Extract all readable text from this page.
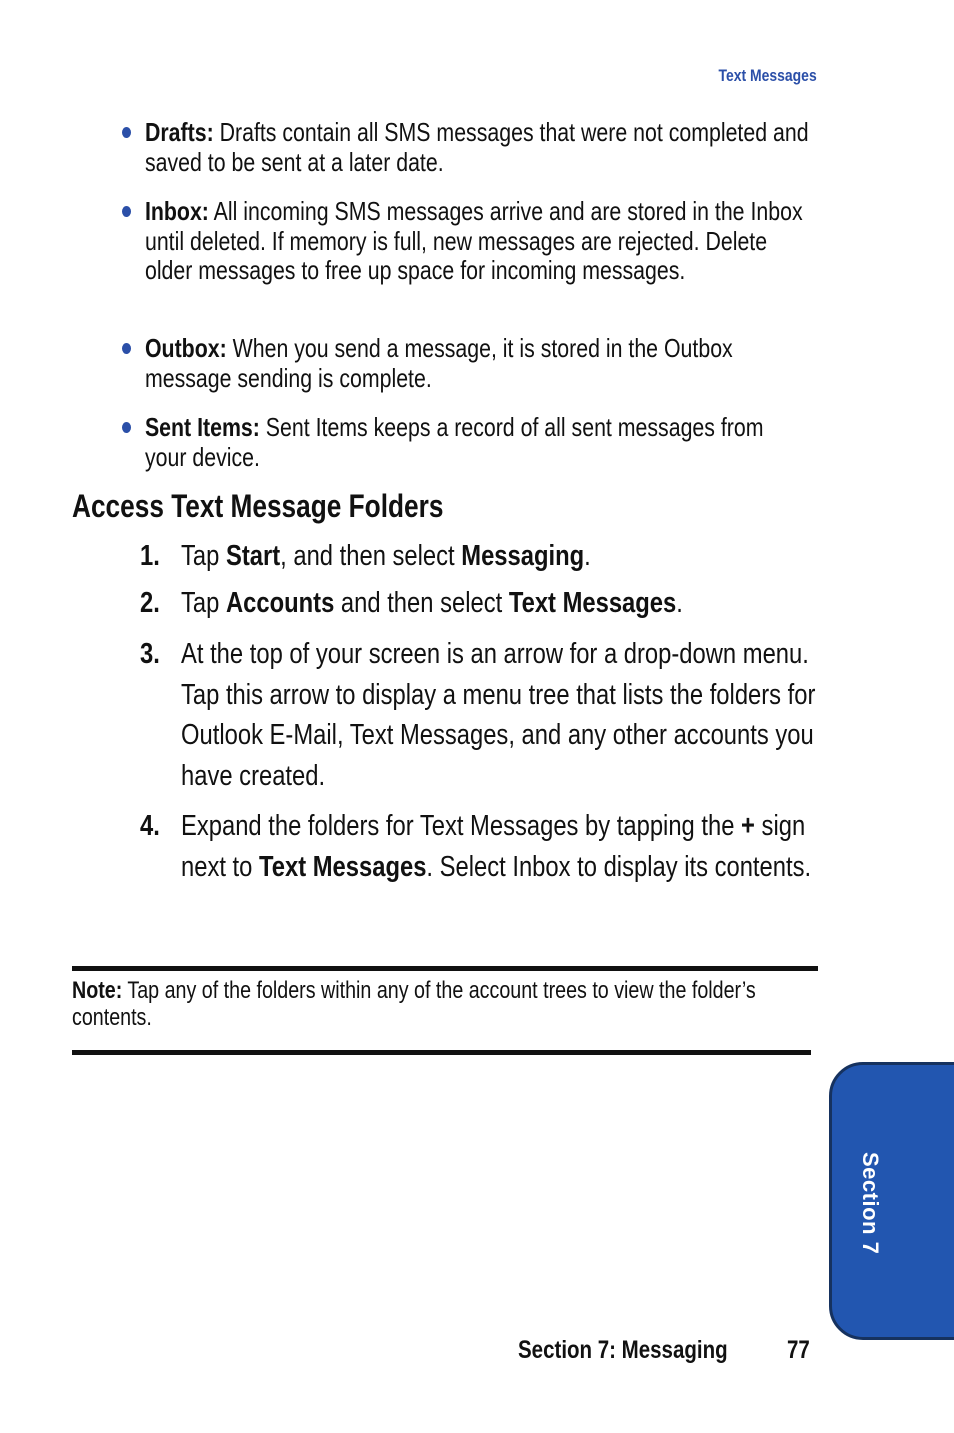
Text Messages
Drafts: Drafts contain all SMS messages that were not completed and saved to be sent at a later date.
Inbox: All incoming SMS messages arrive and are stored in the Inbox until deleted. If memory is full, new messages are rejected. Delete older messages to free up space for incoming messages.
Outbox: When you send a message, it is stored in the Outbox message sending is complete.
Sent Items: Sent Items keeps a record of all sent messages from your device.
Access Text Message Folders
1. Tap Start, and then select Messaging.
2. Tap Accounts and then select Text Messages.
3. At the top of your screen is an arrow for a drop-down menu. Tap this arrow to display a menu tree that lists the folders for Outlook E-Mail, Text Messages, and any other accounts you have created.
4. Expand the folders for Text Messages by tapping the + sign next to Text Messages. Select Inbox to display its contents.
Note: Tap any of the folders within any of the account trees to view the folder’s contents.
Section 7
Section 7: Messaging 77
